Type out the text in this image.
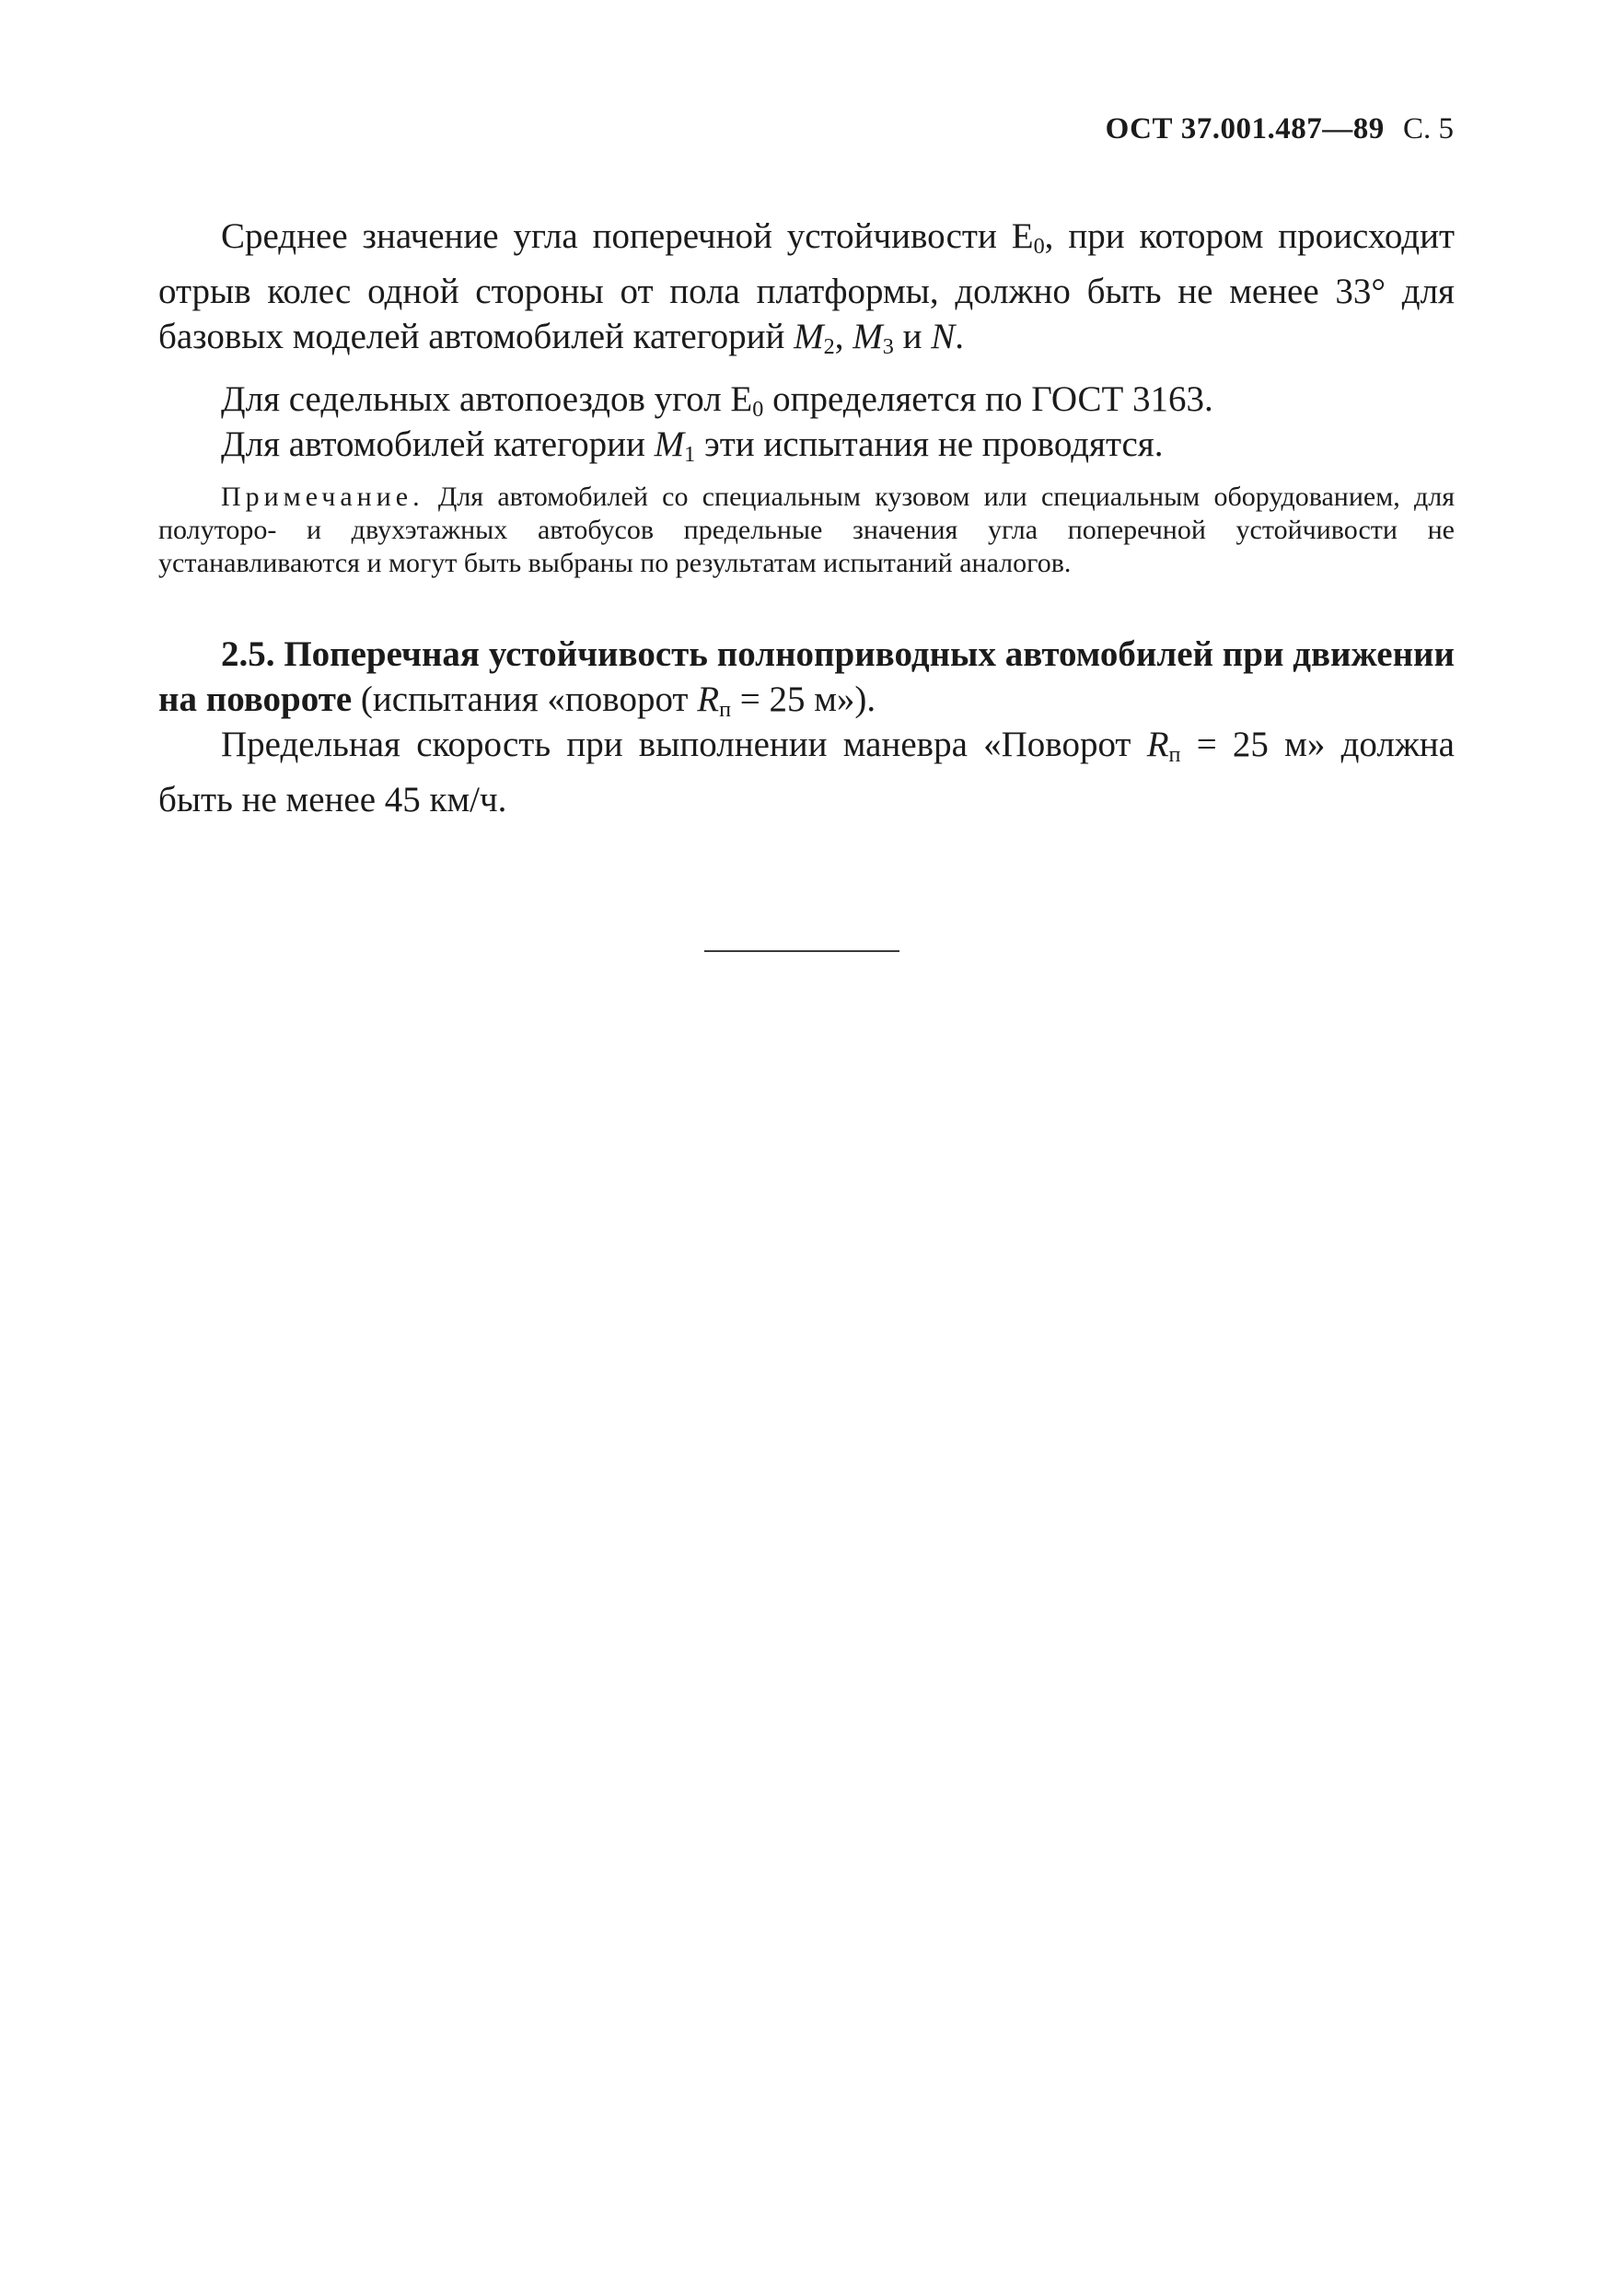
ОСТ 37.001.487—89 С. 5

Среднее значение угла поперечной устойчивости $Е_0$, при котором происходит отрыв колес одной стороны от пола платформы, должно быть не менее 33° для базовых моделей автомобилей категорий $M_2$, $M_3$ и N.

Для седельных автопоездов угол $Е_0$ определяется по ГОСТ 3163.

Для автомобилей категории $M_1$ эти испытания не проводятся.

Примечание. Для автомобилей со специальным кузовом или специальным оборудованием, для полуторо- и двухэтажных автобусов предельные значения угла поперечной устойчивости не устанавливаются и могут быть выбраны по результатам испытаний аналогов.

2.5. Поперечная устойчивость полноприводных автомобилей при движении на повороте (испытания «поворот $R_п = 25$ м»).

Предельная скорость при выполнении маневра «Поворот $R_п = 25$ м» должна быть не менее 45 км/ч.
